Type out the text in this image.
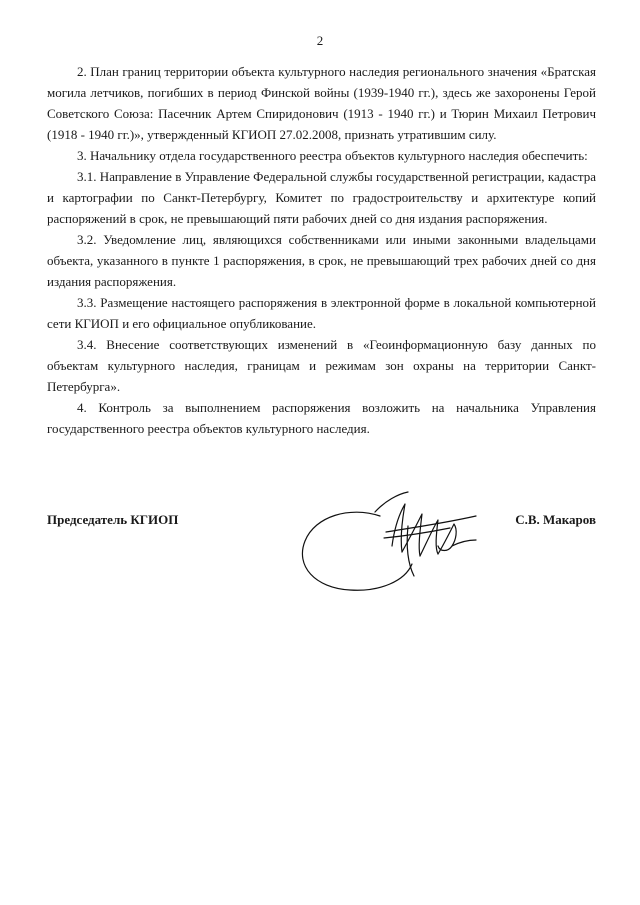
2

2. План границ территории объекта культурного наследия регионального значения «Братская могила летчиков, погибших в период Финской войны (1939-1940 гг.), здесь же захоронены Герой Советского Союза: Пасечник Артем Спиридонович (1913 - 1940 гг.) и Тюрин Михаил Петрович (1918 - 1940 гг.)», утвержденный КГИОП 27.02.2008, признать утратившим силу.

3. Начальнику отдела государственного реестра объектов культурного наследия обеспечить:

3.1. Направление в Управление Федеральной службы государственной регистрации, кадастра и картографии по Санкт-Петербургу, Комитет по градостроительству и архитектуре копий распоряжений в срок, не превышающий пяти рабочих дней со дня издания распоряжения.

3.2. Уведомление лиц, являющихся собственниками или иными законными владельцами объекта, указанного в пункте 1 распоряжения, в срок, не превышающий трех рабочих дней со дня издания распоряжения.

3.3. Размещение настоящего распоряжения в электронной форме в локальной компьютерной сети КГИОП и его официальное опубликование.

3.4. Внесение соответствующих изменений в «Геоинформационную базу данных по объектам культурного наследия, границам и режимам зон охраны на территории Санкт-Петербурга».

4. Контроль за выполнением распоряжения возложить на начальника Управления государственного реестра объектов культурного наследия.

Председатель КГИОП	С.В. Макаров
